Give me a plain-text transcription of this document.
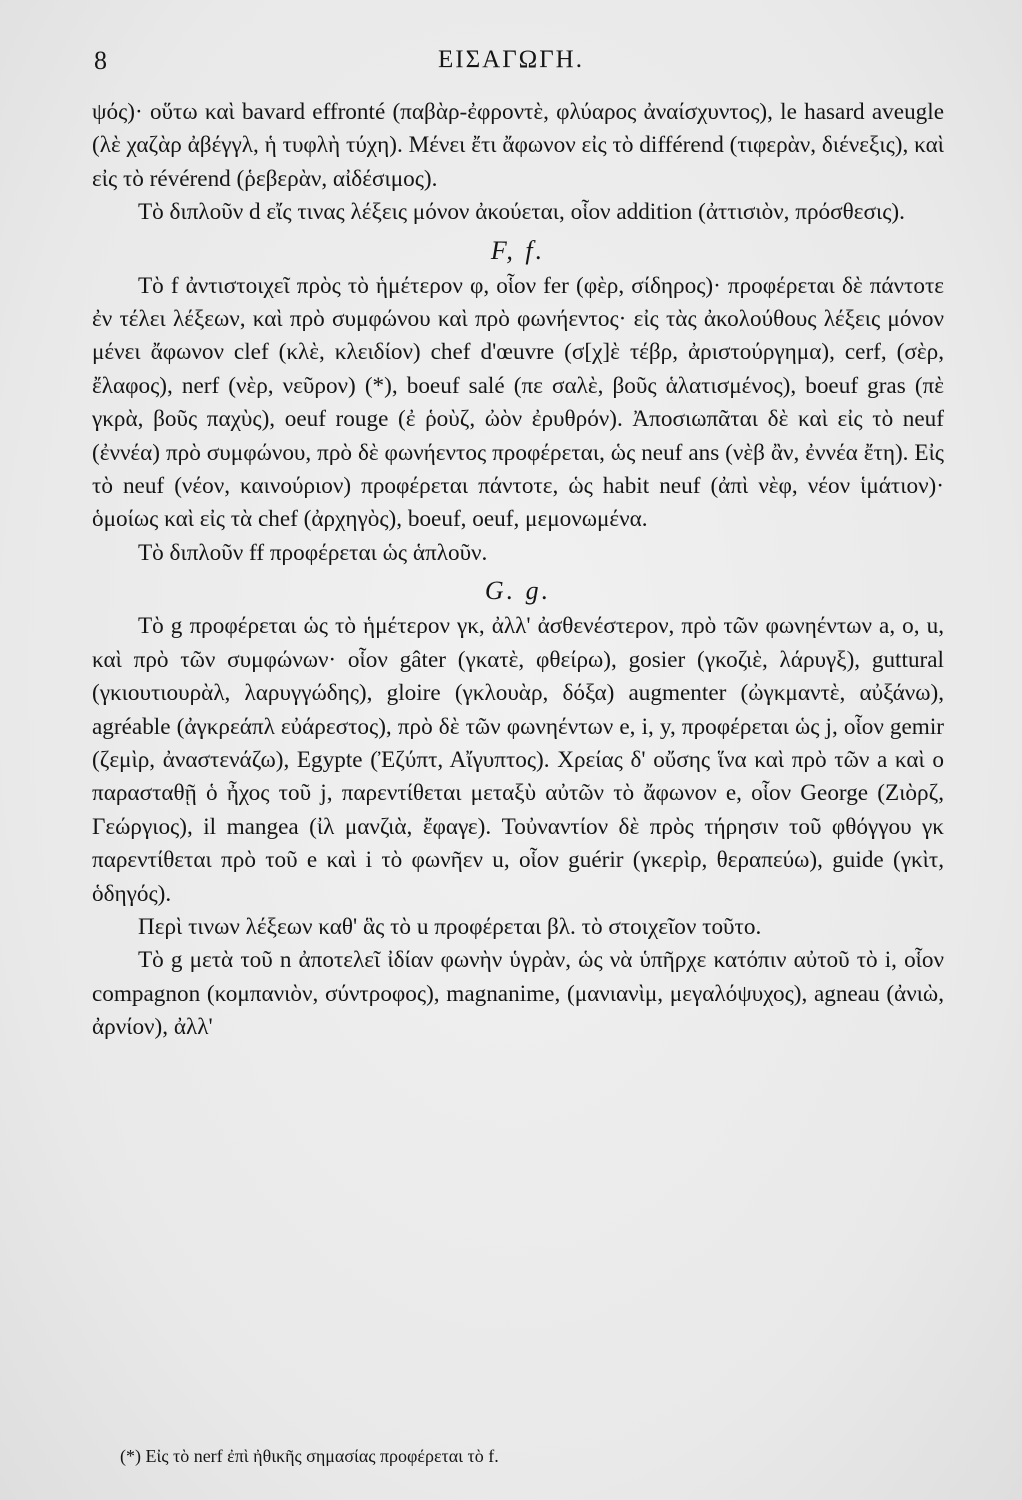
8	ΕΙΣΑΓΩΓΗ.

ψός)· οὕτω καὶ bavard effronté (παβὰρ-ἐφροντὲ, φλύαρος ἀναίσχυντος), le hasard aveugle (λὲ χαζὰρ ἀβέγγλ, ἡ τυφλὴ τύχη). Μένει ἔτι ἄφωνον εἰς τὸ différend (τιφερὰν, διένεξις), καὶ εἰς τὸ révérend (ῥεβερὰν, αἰδέσιμος).

Τὸ διπλοῦν d εἴς τινας λέξεις μόνον ἀκούεται, οἷον addition (ἀττισιὸν, πρόσθεσις).

F, f.

Τὸ f ἀντιστοιχεῖ πρὸς τὸ ἡμέτερον φ, οἷον fer (φὲρ, σίδηρος)· προφέρεται δὲ πάντοτε ἐν τέλει λέξεων, καὶ πρὸ συμφώνου καὶ πρὸ φωνήεντος· εἰς τὰς ἀκολούθους λέξεις μόνον μένει ἄφωνον clef (κλὲ, κλειδίον) chef d'œuvre (σ[χ]ὲ τέβρ, ἀριστούργημα), cerf, (σὲρ, ἔλαφος), nerf (νὲρ, νεῦρον) (*), boeuf salé (πε σαλὲ, βοῦς ἁλατισμένος), boeuf gras (πὲ γκρὰ, βοῦς παχὺς), oeuf rouge (ἐ ῥοὺζ, ὠὸν ἐρυθρόν). Ἀποσιωπᾶται δὲ καὶ εἰς τὸ neuf (ἐννέα) πρὸ συμφώνου, πρὸ δὲ φωνήεντος προφέρεται, ὡς neuf ans (νὲβ ἂν, ἐννέα ἔτη). Εἰς τὸ neuf (νέον, καινούριον) προφέρεται πάντοτε, ὡς habit neuf (ἀπὶ νὲφ, νέον ἱμάτιον)· ὁμοίως καὶ εἰς τὰ chef (ἀρχηγὸς), boeuf, oeuf, μεμονωμένα.

Τὸ διπλοῦν ff προφέρεται ὡς ἁπλοῦν.

G. g.

Τὸ g προφέρεται ὡς τὸ ἡμέτερον γκ, ἀλλ' ἀσθενέστερον, πρὸ τῶν φωνηέντων a, o, u, καὶ πρὸ τῶν συμφώνων· οἷον gâter (γκατὲ, φθείρω), gosier (γκοζιὲ, λάρυγξ), guttural (γκιουτιουρὰλ, λαρυγγώδης), gloire (γκλουὰρ, δόξα) augmenter (ὠγκμαντὲ, αὐξάνω), agréable (ἀγκρεάπλ εὐάρεστος), πρὸ δὲ τῶν φωνηέντων e, i, y, προφέρεται ὡς j, οἷον gemir (ζεμὶρ, ἀναστενάζω), Egypte (Ἐζύπτ, Αἴγυπτος). Χρείας δ' οὔσης ἵνα καὶ πρὸ τῶν a καὶ o παρασταθῇ ὁ ἦχος τοῦ j, παρεντίθεται μεταξὺ αὐτῶν τὸ ἄφωνον e, οἷον George (Ζιὸρζ, Γεώργιος), il mangea (ἰλ μανζιὰ, ἔφαγε). Τοὐναντίον δὲ πρὸς τήρησιν τοῦ φθόγγου γκ παρεντίθεται πρὸ τοῦ e καὶ i τὸ φωνῆεν u, οἷον guérir (γκερὶρ, θεραπεύω), guide (γκὶτ, ὁδηγός).

Περὶ τινων λέξεων καθ' ἃς τὸ u προφέρεται βλ. τὸ στοιχεῖον τοῦτο.

Τὸ g μετὰ τοῦ n ἀποτελεῖ ἰδίαν φωνὴν ὑγρὰν, ὡς νὰ ὑπῆρχε κατόπιν αὐτοῦ τὸ i, οἷον compagnon (κομπανιὸν, σύντροφος), magnanime, (μανιανὶμ, μεγαλόψυχος), agneau (ἀνιὼ, ἀρνίον), ἀλλ'

(*) Εἰς τὸ nerf ἐπὶ ἠθικῆς σημασίας προφέρεται τὸ f.
